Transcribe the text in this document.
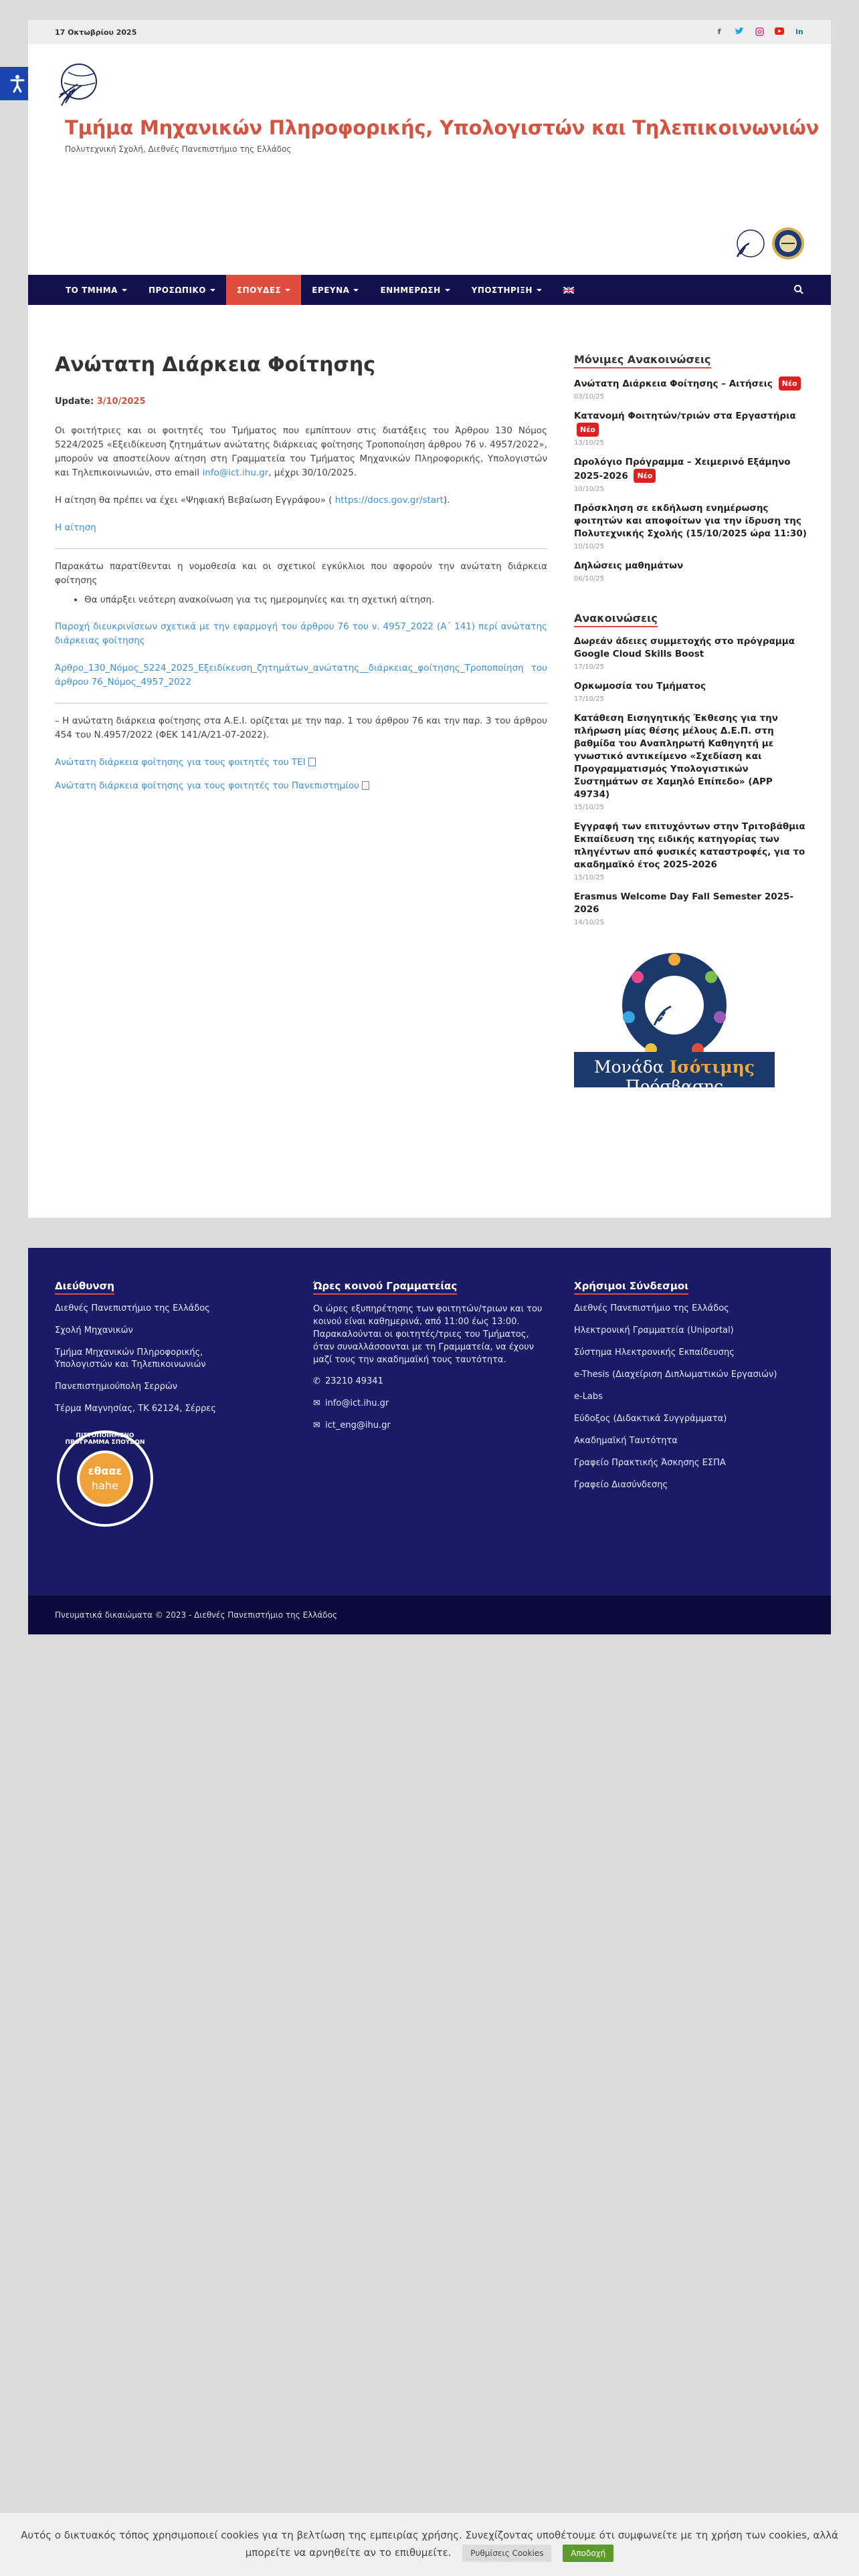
17 Οκτωβρίου 2025	f	in
Τμήμα Μηχανικών Πληροφορικής, Υπολογιστών και Τηλεπικοινωνιών
Πολυτεχνική Σχολή, Διεθνές Πανεπιστήμιο της Ελλάδος
ΤΟ ΤΜΗΜΑ	ΠΡΟΣΩΠΙΚΟ	ΣΠΟΥΔΕΣ	ΕΡΕΥΝΑ	ΕΝΗΜΕΡΩΣΗ	ΥΠΟΣΤΗΡΙΞΗ
Ανώτατη Διάρκεια Φοίτησης
Update: 3/10/2025

Οι φοιτήτριες και οι φοιτητές του Τμήματος που εμπίπτουν στις διατάξεις του Άρθρου 130 Νόμος 5224/2025 «Εξειδίκευση ζητημάτων ανώτατης διάρκειας φοίτησης Τροποποίηση άρθρου 76 ν. 4957/2022», μπορούν να αποστείλουν αίτηση στη Γραμματεία του Τμήματος Μηχανικών Πληροφορικής, Υπολογιστών και Τηλεπικοινωνιών, στο email info@ict.ihu.gr, μέχρι 30/10/2025.

Η αίτηση θα πρέπει να έχει «Ψηφιακή Βεβαίωση Εγγράφου» ( https://docs.gov.gr/start).

Η αίτηση

Παρακάτω παρατίθενται η νομοθεσία και οι σχετικοί εγκύκλιοι που αφορούν την ανώτατη διάρκεια φοίτησης

• Θα υπάρξει νεότερη ανακοίνωση για τις ημερομηνίες και τη σχετική αίτηση.

Παροχή διευκρινίσεων σχετικά με την εφαρμογή του άρθρου 76 του ν. 4957_2022 (Α΄ 141) περί ανώτατης διάρκειας φοίτησης

Άρθρο_130_Νόμος_5224_2025_Εξειδίκευση_ζητημάτων_ανώτατης__διάρκειας_φοίτησης_Τροποποίηση του άρθρου 76_Νόμος_4957_2022

– Η ανώτατη διάρκεια φοίτησης στα Α.Ε.Ι. ορίζεται με την παρ. 1 του άρθρου 76 και την παρ. 3 του άρθρου 454 του Ν.4957/2022 (ΦΕΚ 141/Α/21-07-2022).

Ανώτατη διάρκεια φοίτησης για τους φοιτητές του ΤΕΙ

Ανώτατη διάρκεια φοίτησης για τους φοιτητές του Πανεπιστημίου

Μόνιμες Ανακοινώσεις
Ανώτατη Διάρκεια Φοίτησης – Αιτήσεις Νέο
03/10/25
Κατανομή Φοιτητών/τριών στα Εργαστήρια Νέο
13/10/25
Ωρολόγιο Πρόγραμμα – Χειμερινό Εξάμηνο 2025-2026 Νέο
10/10/25
Πρόσκληση σε εκδήλωση ενημέρωσης φοιτητών και αποφοίτων για την ίδρυση της Πολυτεχνικής Σχολής (15/10/2025 ώρα 11:30)
10/10/25
Δηλώσεις μαθημάτων
06/10/25
Ανακοινώσεις
Δωρεάν άδειες συμμετοχής στο πρόγραμμα Google Cloud Skills Boost
17/10/25
Ορκωμοσία του Τμήματος
17/10/25
Κατάθεση Εισηγητικής Έκθεσης για την πλήρωση μίας θέσης μέλους Δ.Ε.Π. στη βαθμίδα του Αναπληρωτή Καθηγητή με γνωστικό αντικείμενο «Σχεδίαση και Προγραμματισμός Υπολογιστικών Συστημάτων σε Χαμηλό Επίπεδο» (APP 49734)
15/10/25
Εγγραφή των επιτυχόντων στην Τριτοβάθμια Εκπαίδευση της ειδικής κατηγορίας των πληγέντων από φυσικές καταστροφές, για το ακαδημαϊκό έτος 2025-2026
15/10/25
Erasmus Welcome Day Fall Semester 2025-2026
14/10/25
Μονάδα Ισότιμης Πρόσβασης
Διεύθυνση
Διεθνές Πανεπιστήμιο της Ελλάδος
Σχολή Μηχανικών
Τμήμα Μηχανικών Πληροφορικής, Υπολογιστών και Τηλεπικοινωνιών
Πανεπιστημιούπολη Σερρών
Τέρμα Μαγνησίας, ΤΚ 62124, Σέρρες
ΠΙΣΤΟΠΟΙΗΜΕΝΟ ΠΡΟΓΡΑΜΜΑ ΣΠΟΥΔΩΝ
εθααε
hahe
Ώρες κοινού Γραμματείας

Οι ώρες εξυπηρέτησης των φοιτητών/τριων και του κοινού είναι καθημερινά, από 11:00 έως 13:00. Παρακαλούνται οι φοιτητές/τριες του Τμήματος, όταν συναλλάσσονται με τη Γραμματεία, να έχουν μαζί τους την ακαδημαϊκή τους ταυτότητα.

✆ 23210 49341
✉ info@ict.ihu.gr
✉ ict_eng@ihu.gr
Χρήσιμοι Σύνδεσμοι
Διεθνές Πανεπιστήμιο της Ελλάδος
Ηλεκτρονική Γραμματεία (Uniportal)
Σύστημα Ηλεκτρονικής Εκπαίδευσης
e-Thesis (Διαχείριση Διπλωματικών Εργασιών)
e-Labs
Εύδοξος (Διδακτικά Συγγράμματα)
Ακαδημαϊκή Ταυτότητα
Γραφείο Πρακτικής Άσκησης ΕΣΠΑ
Γραφείο Διασύνδεσης
Πνευματικά δικαιώματα © 2023 - Διεθνές Πανεπιστήμιο της Ελλάδος
Αυτός ο δικτυακός τόπος χρησιμοποιεί cookies για τη βελτίωση της εμπειρίας χρήσης. Συνεχίζοντας υποθέτουμε ότι συμφωνείτε με τη χρήση των cookies, αλλά
μπορείτε να αρνηθείτε αν το επιθυμείτε. Ρυθμίσεις Cookies	Αποδοχή
